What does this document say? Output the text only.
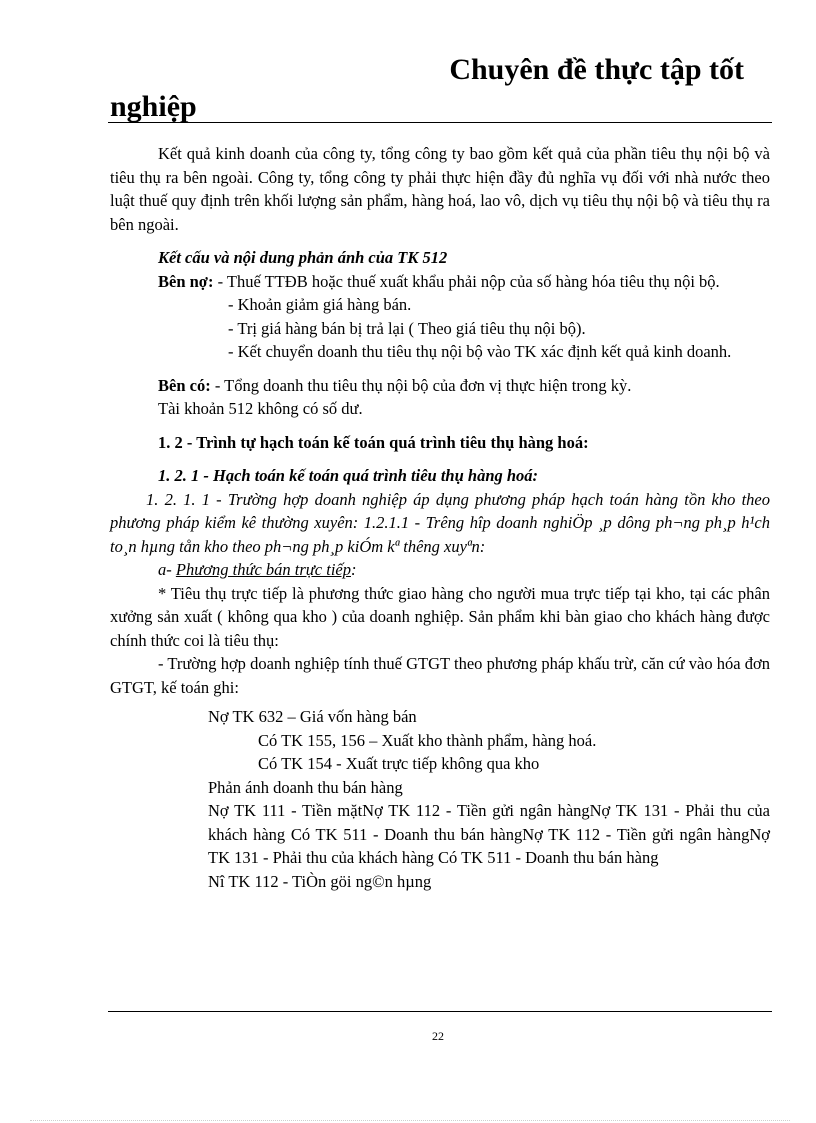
Chuyên đề thực tập tốt
nghiệp

Kết quả kinh doanh của công ty, tổng công ty bao gồm kết quả của phần tiêu thụ nội bộ và tiêu thụ ra bên ngoài. Công ty, tổng công ty phải thực hiện đầy đủ nghĩa vụ đối với nhà nước theo luật thuế quy định trên khối lượng sản phẩm, hàng hoá, lao vô, dịch vụ tiêu thụ nội bộ và tiêu thụ ra bên ngoài.

Kết cấu và nội dung phản ánh của TK 512

Bên nợ: - Thuế TTĐB hoặc thuế xuất khẩu phải nộp của số hàng hóa tiêu thụ nội bộ.

- Khoản giảm giá hàng bán.

- Trị giá hàng bán bị trả lại ( Theo giá tiêu thụ nội bộ).

- Kết chuyển doanh thu tiêu thụ nội bộ vào TK xác định kết quả kinh doanh.

Bên có: - Tổng doanh thu tiêu thụ nội bộ của đơn vị thực hiện trong kỳ.

Tài khoản 512 không có số dư.

1. 2 - Trình tự hạch toán kế toán quá trình tiêu thụ hàng hoá:

1. 2. 1 - Hạch toán kế toán quá trình tiêu thụ hàng hoá:

1. 2. 1. 1 - Trường hợp doanh nghiệp áp dụng phương pháp hạch toán hàng tồn kho theo phương pháp kiểm kê thường xuyên: 1.2.1.1 - Trêng hîp doanh nghiÖp ¸p dông ph¬ng ph¸p h¹ch to¸n hµng tån kho theo ph¬ng ph¸p kiÓm kª thêng xuyªn:

a- Phương thức bán trực tiếp:

* Tiêu thụ trực tiếp là phương thức giao hàng cho người mua trực tiếp tại kho, tại các phân xưởng sản xuất ( không qua kho ) của doanh nghiệp. Sản phẩm khi bàn giao cho khách hàng được chính thức coi là tiêu thụ:

- Trường hợp doanh nghiệp tính thuế GTGT theo phương pháp khấu trừ, căn cứ vào hóa đơn GTGT, kế toán ghi:

Nợ TK 632 – Giá vốn hàng bán

Có TK 155, 156 – Xuất kho thành phẩm, hàng hoá.

Có TK 154 - Xuất trực tiếp không qua kho

Phản ánh doanh thu bán hàng

Nợ TK 111 - Tiền mặtNợ TK 112 - Tiền gửi ngân hàngNợ TK 131 - Phải thu của khách hàng Có TK 511 - Doanh thu bán hàngNợ TK 112 - Tiền gửi ngân hàngNợ TK 131 - Phải thu của khách hàng Có TK 511 - Doanh thu bán hàng

Nî TK 112 - TiÒn göi ng©n hµng

22
